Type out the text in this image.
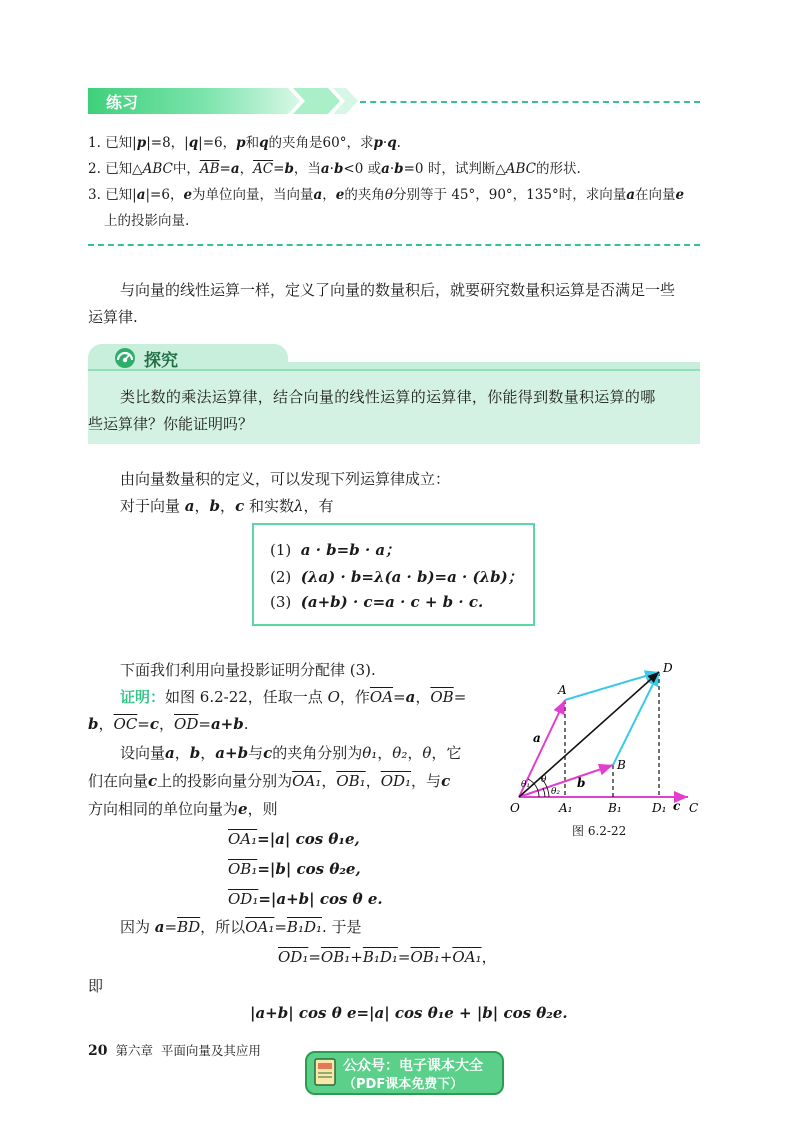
练习
1. 已知|p|=8，|q|=6，p和q的夹角是60°，求p·q.
2. 已知△ABC中，$\overline{AB}=a$，$\overline{AC}=b$，当a·b<0 或a·b=0 时，试判断△ABC的形状.
3. 已知|a|=6，e为单位向量，当向量a，e的夹角θ分别等于 45°，90°，135°时，求向量a在向量e
上的投影向量.
与向量的线性运算一样，定义了向量的数量积后，就要研究数量积运算是否满足一些
运算律.
探究
类比数的乘法运算律，结合向量的线性运算的运算律，你能得到数量积运算的哪
些运算律？你能证明吗？
由向量数量积的定义，可以发现下列运算律成立：
对于向量 a，b，c 和实数λ，有
(1) a · b=b · a；
(2) (λa) · b=λ(a · b)=a · (λb)；
(3) (a+b) · c=a · c + b · c.
下面我们利用向量投影证明分配律 (3).
证明：如图 6.2-22，任取一点 O，作$\overline{OA}=a$，$\overline{OB}=$
b，$\overline{OC}=c$，$\overline{OD}=a+b$.
设向量a，b，a+b与c的夹角分别为θ₁，θ₂，θ，它
们在向量c上的投影向量分别为OA₁，OB₁，OD₁，与c
方向相同的单位向量为e，则
OA₁=|a| cos θ₁e,
OB₁=|b| cos θ₂e,
OD₁=|a+b| cos θ e.
因为 $a=\overline{BD}$，所以OA₁=B₁D₁. 于是
OD₁=OB₁+B₁D₁=OB₁+OA₁，
即
|a+b| cos θ e=|a| cos θ₁e + |b| cos θ₂e.
D
A
B
O	C
A₁	B₁	D₁ c
a
b
θ₁ θ
θ₂
图 6.2-22
20 第六章 平面向量及其应用
公众号：电子课本大全
（PDF课本免费下）
